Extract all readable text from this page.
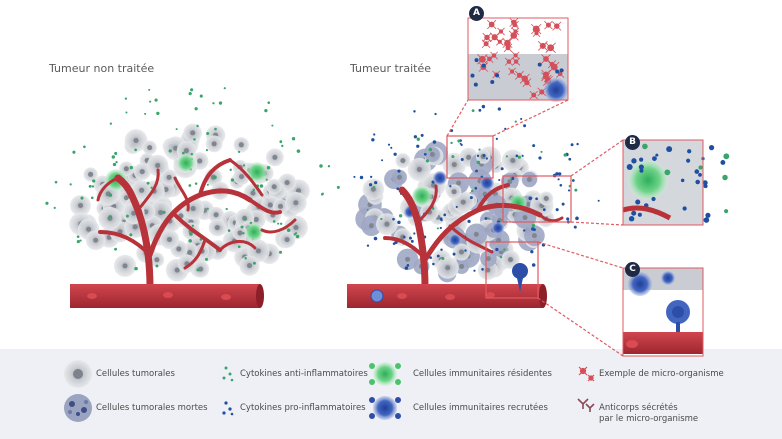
Tumeur non traitée	Tumeur traitée
A
B
C
Cellules tumorales
Cellules tumorales mortes
Cytokines anti-inflammatoires
Cytokines pro-inflammatoires
Cellules immunitaires résidentes
Cellules immunitaires recrutées
Exemple de micro-organisme
Anticorps sécrétés
par le micro-organisme
